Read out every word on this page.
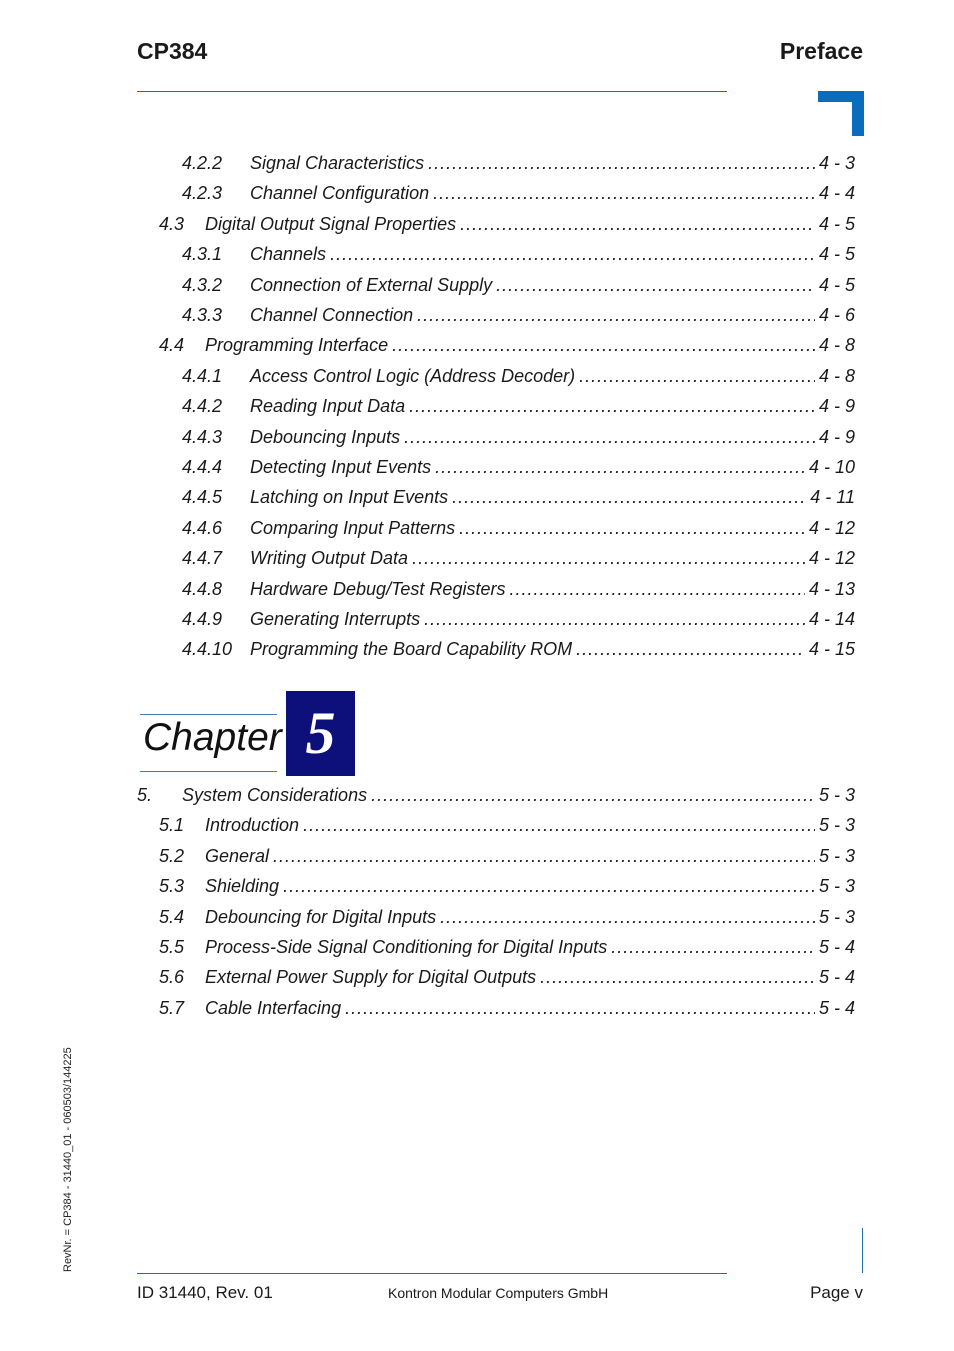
CP384	Preface
4.2.2	Signal Characteristics .....	4 - 3
4.2.3	Channel Configuration .....	4 - 4
4.3	Digital Output Signal Properties .....	4 - 5
4.3.1	Channels .....	4 - 5
4.3.2	Connection of External Supply .....	4 - 5
4.3.3	Channel Connection .....	4 - 6
4.4	Programming Interface .....	4 - 8
4.4.1	Access Control Logic (Address Decoder) .....	4 - 8
4.4.2	Reading Input Data .....	4 - 9
4.4.3	Debouncing Inputs .....	4 - 9
4.4.4	Detecting Input Events .....	4 - 10
4.4.5	Latching on Input Events .....	4 - 11
4.4.6	Comparing Input Patterns .....	4 - 12
4.4.7	Writing Output Data .....	4 - 12
4.4.8	Hardware Debug/Test Registers .....	4 - 13
4.4.9	Generating Interrupts .....	4 - 14
4.4.10 Programming the Board Capability ROM .....	4 - 15
5.	System Considerations .....	5 - 3
5.1	Introduction .....	5 - 3
5.2	General .....	5 - 3
5.3	Shielding .....	5 - 3
5.4	Debouncing for Digital Inputs .....	5 - 3
5.5	Process-Side Signal Conditioning for Digital Inputs .....	5 - 4
5.6	External Power Supply for Digital Outputs .....	5 - 4
5.7	Cable Interfacing .....	5 - 4
Chapter 5
RevNr. = CP384 - 31440_01 - 060503/144225
ID 31440, Rev. 01	Kontron Modular Computers GmbH	Page v
